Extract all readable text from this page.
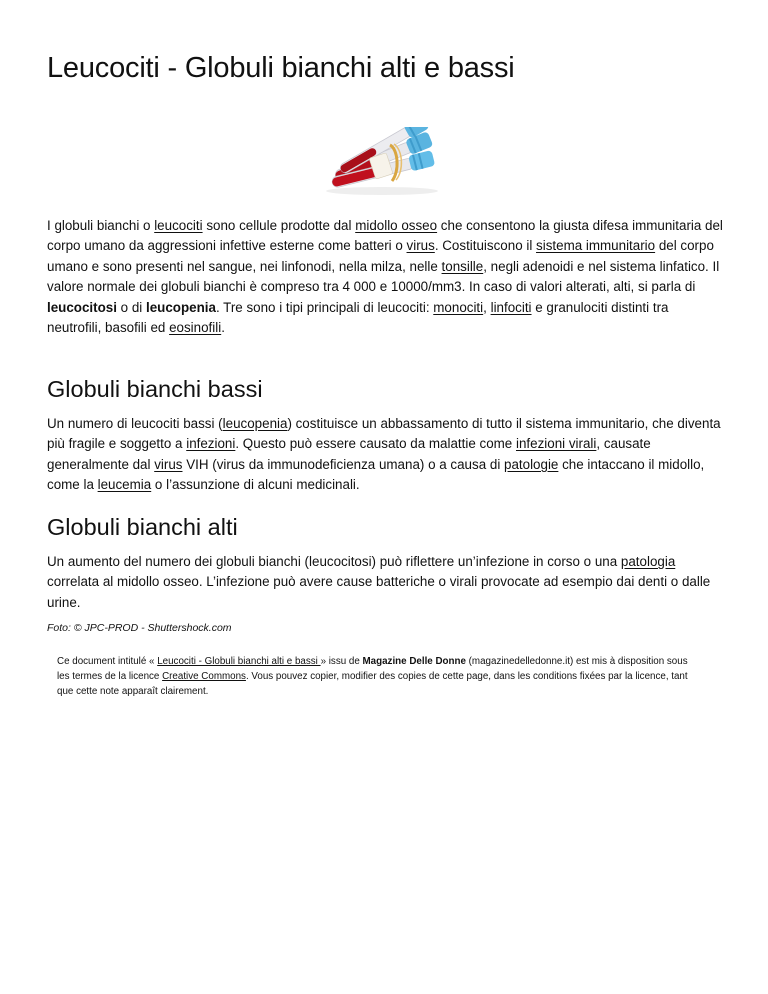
Leucociti - Globuli bianchi alti e bassi

I globuli bianchi o leucociti sono cellule prodotte dal midollo osseo che consentono la giusta difesa immunitaria del corpo umano da aggressioni infettive esterne come batteri o virus. Costituiscono il sistema immunitario del corpo umano e sono presenti nel sangue, nei linfonodi, nella milza, nelle tonsille, negli adenoidi e nel sistema linfatico. Il valore normale dei globuli bianchi è compreso tra 4 000 e 10000/mm3. In caso di valori alterati, alti, si parla di leucocitosi o di leucopenia. Tre sono i tipi principali di leucociti: monociti, linfociti e granulociti distinti tra neutrofili, basofili ed eosinofili.

Globuli bianchi bassi

Un numero di leucociti bassi (leucopenia) costituisce un abbassamento di tutto il sistema immunitario, che diventa più fragile e soggetto a infezioni. Questo può essere causato da malattie come infezioni virali, causate generalmente dal virus VIH (virus da immunodeficienza umana) o a causa di patologie che intaccano il midollo, come la leucemia o l’assunzione di alcuni medicinali.

Globuli bianchi alti

Un aumento del numero dei globuli bianchi (leucocitosi) può riflettere un’infezione in corso o una patologia correlata al midollo osseo. L’infezione può avere cause batteriche o virali provocate ad esempio dai denti o dalle urine.

Foto: © JPC-PROD - Shuttershock.com

Ce document intitulé « Leucociti - Globuli bianchi alti e bassi » issu de Magazine Delle Donne (magazinedelledonne.it) est mis à disposition sous les termes de la licence Creative Commons. Vous pouvez copier, modifier des copies de cette page, dans les conditions fixées par la licence, tant que cette note apparaît clairement.
